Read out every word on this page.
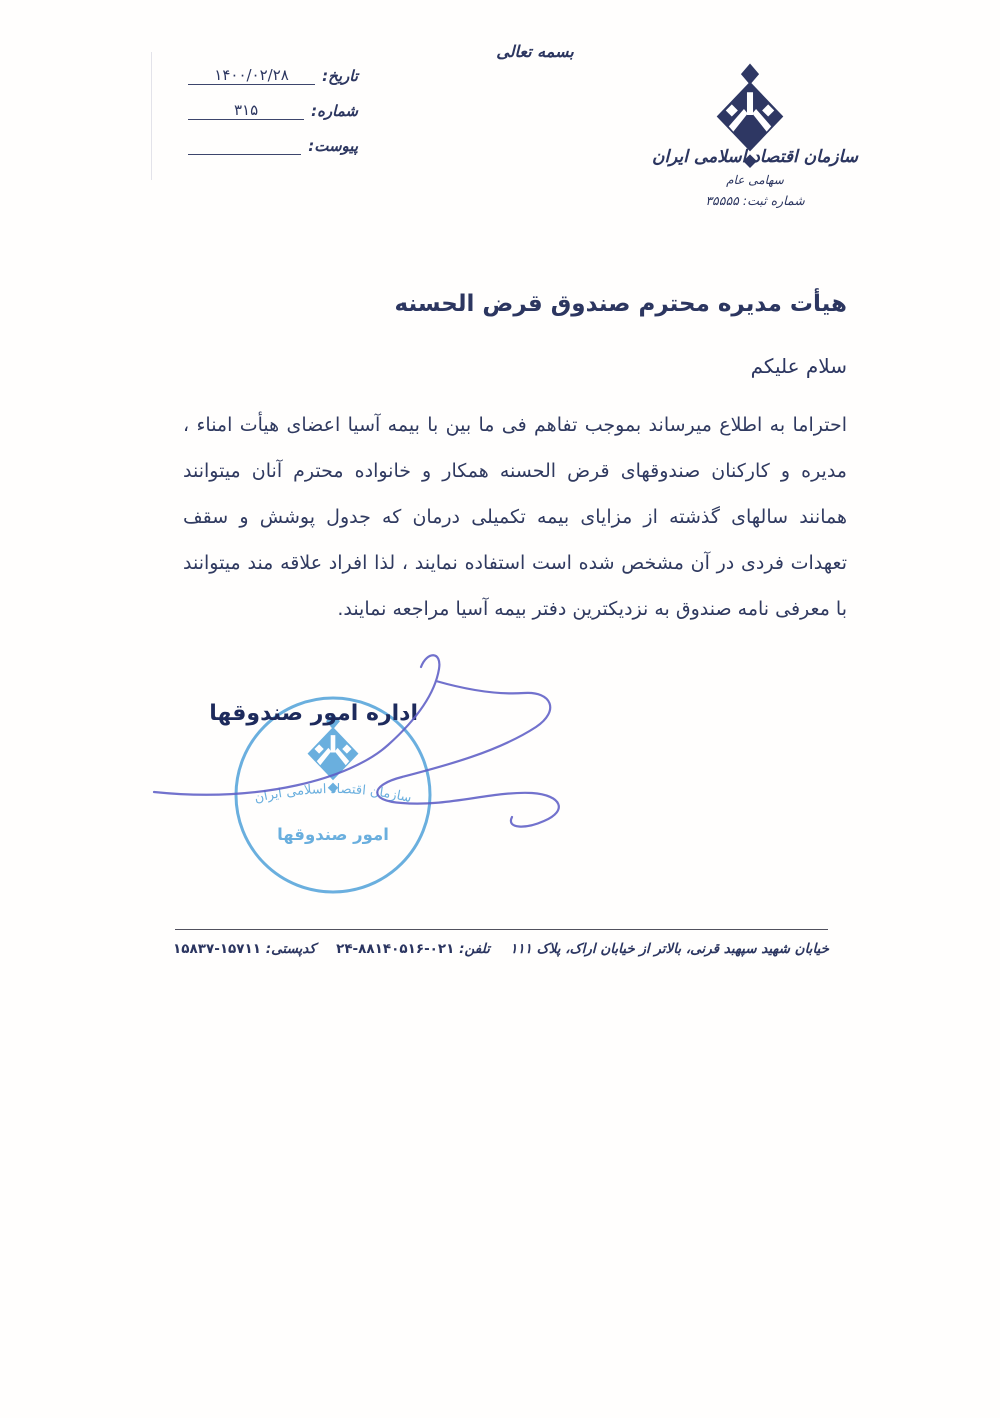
بسمه تعالی
تاریخ:
۱۴۰۰/۰۲/۲۸
شماره:
۳۱۵
پیوست:
سازمان اقتصاد اسلامی ایران
سهامی عام
شماره ثبت: ۳۵۵۵۵
هیأت مدیره محترم صندوق قرض الحسنه
سلام علیکم
احتراما به اطلاع میرساند بموجب تفاهم فی ما بین با بیمه آسیا اعضای هیأت امناء ،
مدیره و کارکنان صندوقهای قرض الحسنه همکار و خانواده محترم آنان میتوانند
همانند سالهای گذشته از مزایای بیمه تکمیلی درمان که جدول پوشش و سقف
تعهدات فردی در آن مشخص شده است استفاده نمایند ، لذا افراد علاقه مند میتوانند
با معرفی نامه صندوق به نزدیکترین دفتر بیمه آسیا مراجعه نمایند.
سازمان اقتصاد اسلامی ایران
امور صندوقها
اداره امور صندوقها
خیابان شهید سپهبد قرنی، بالاتر از خیابان اراک، پلاک ۱۱۱ تلفن: ۲۴-۸۸۱۴۰۵۱۶-۰۲۱ کدپستی: ۱۵۸۳۷-۱۵۷۱۱
